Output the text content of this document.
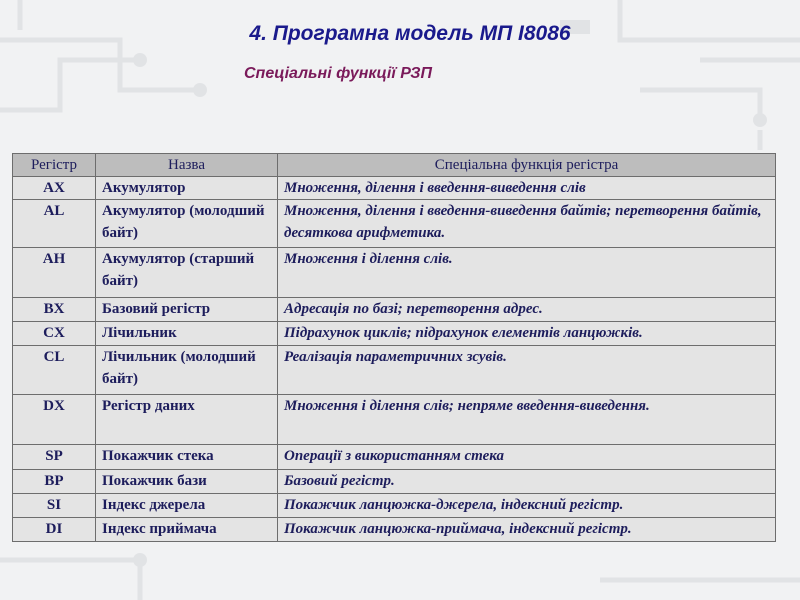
4. Програмна модель МП І8086
Спеціальні функції РЗП
Регістр	Назва	Спеціальна функція регістра
AX	Акумулятор	Множення, ділення і введення-виведення слів
AL	Акумулятор (молодший байт)	Множення, ділення і введення-виведення байтів; перетворення байтів, десяткова арифметика.
AH	Акумулятор (старший байт)	Множення і ділення слів.
BX	Базовий регістр	Адресація по базі; перетворення адрес.
CX	Лічильник	Підрахунок циклів; підрахунок елементів ланцюжків.
CL	Лічильник (молодший байт)	Реалізація параметричних зсувів.
DX	Регістр даних	Множення і ділення слів; непряме введення-виведення.
SP	Покажчик стека	Операції з використанням стека
BP	Покажчик бази	Базовий регістр.
SI	Індекс джерела	Покажчик ланцюжка-джерела, індексний регістр.
DI	Індекс приймача	Покажчик ланцюжка-приймача, індексний регістр.
